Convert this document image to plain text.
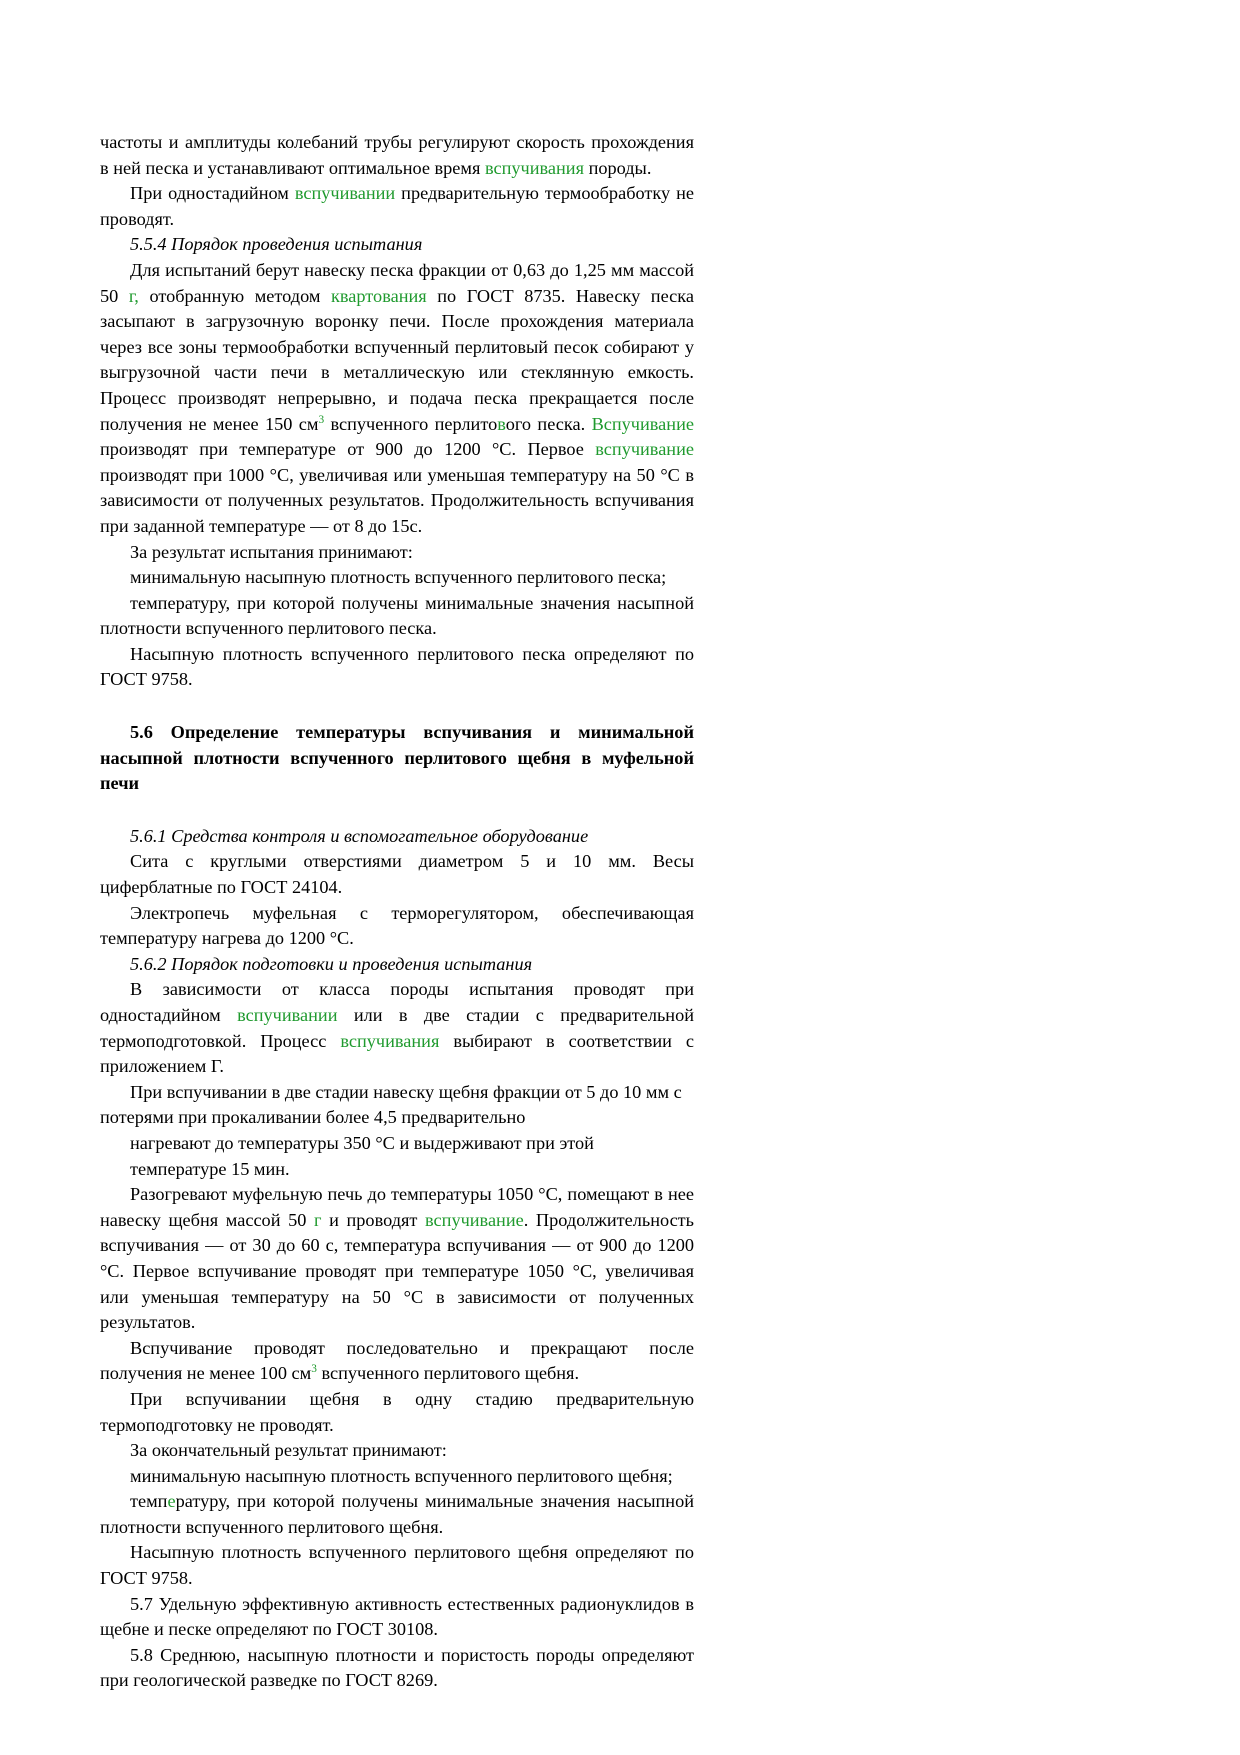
частоты и амплитуды колебаний трубы регулируют скорость прохождения в ней песка и устанавливают оптимальное время вспучивания породы.

При одностадийном вспучивании предварительную термообработку не проводят.

5.5.4 Порядок проведения испытания

Для испытаний берут навеску песка фракции от 0,63 до 1,25 мм массой 50 г, отобранную методом квартования по ГОСТ 8735. Навеску песка засыпают в загрузочную воронку печи. После прохождения материала через все зоны термообработки вспученный перлитовый песок собирают у выгрузочной части печи в металлическую или стеклянную емкость. Процесс производят непрерывно, и подача песка прекращается после получения не менее 150 $см^3$ вспученного перлитового песка. Вспучивание производят при температуре от 900 до 1200 °С. Первое вспучивание производят при 1000 °С, увеличивая или уменьшая температуру на 50 °С в зависимости от полученных результатов. Продолжительность вспучивания при заданной температуре — от 8 до 15с.

За результат испытания принимают:

минимальную насыпную плотность вспученного перлитового песка;

температуру, при которой получены минимальные значения насыпной плотности вспученного перлитового песка.

Насыпную плотность вспученного перлитового песка определяют по ГОСТ 9758.

5.6 Определение температуры вспучивания и минимальной насыпной плотности вспученного перлитового щебня в муфельной печи

5.6.1 Средства контроля и вспомогательное оборудование

Сита с круглыми отверстиями диаметром 5 и 10 мм. Весы циферблатные по ГОСТ 24104.

Электропечь муфельная с терморегулятором, обеспечивающая температуру нагрева до 1200 °С.

5.6.2 Порядок подготовки и проведения испытания

В зависимости от класса породы испытания проводят при одностадийном вспучивании или в две стадии с предварительной термоподготовкой. Процесс вспучивания выбирают в соответствии с приложением Г.

При вспучивании в две стадии навеску щебня фракции от 5 до 10 мм с потерями при прокаливании более 4,5 предварительно

нагревают до температуры 350 °С и выдерживают при этой

температуре 15 мин.

Разогревают муфельную печь до температуры 1050 °С, помещают в нее навеску щебня массой 50 г и проводят вспучивание. Продолжительность вспучивания — от 30 до 60 с, температура вспучивания — от 900 до 1200 °С. Первое вспучивание проводят при температуре 1050 °С, увеличивая или уменьшая температуру на 50 °С в зависимости от полученных результатов.

Вспучивание проводят последовательно и прекращают после получения не менее 100 $см^3$ вспученного перлитового щебня.

При вспучивании щебня в одну стадию предварительную термоподготовку не проводят.

За окончательный результат принимают:

минимальную насыпную плотность вспученного перлитового щебня;

температуру, при которой получены минимальные значения насыпной плотности вспученного перлитового щебня.

Насыпную плотность вспученного перлитового щебня определяют по ГОСТ 9758.

5.7 Удельную эффективную активность естественных радионуклидов в щебне и песке определяют по ГОСТ 30108.

5.8 Среднюю, насыпную плотности и пористость породы определяют при геологической разведке по ГОСТ 8269.
